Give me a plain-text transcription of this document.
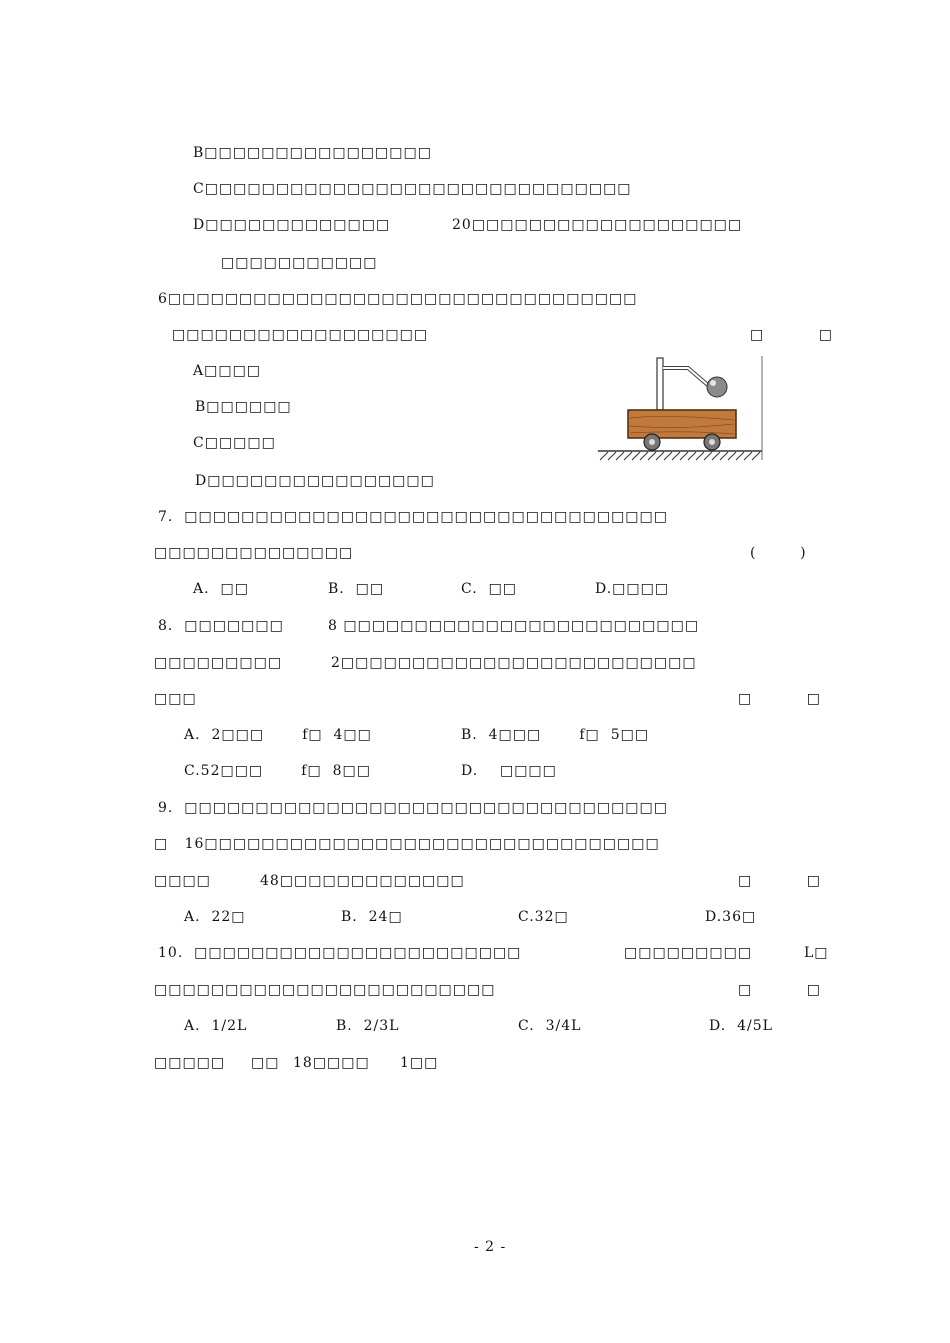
B□□□□□□□□□□□□□□□□
C□□□□□□□□□□□□□□□□□□□□□□□□□□□□□□
D□□□□□□□□□□□□□	20□□□□□□□□□□□□□□□□□□□
□□□□□□□□□□□
6□□□□□□□□□□□□□□□□□□□□□□□□□□□□□□□□□
□□□□□□□□□□□□□□□□□□	□          □
A□□□□
B□□□□□□
C□□□□□
D□□□□□□□□□□□□□□□□
7.  □□□□□□□□□□□□□□□□□□□□□□□□□□□□□□□□□□
□□□□□□□□□□□□□□	(        )
A.  □□	B.  □□	C.  □□	D.□□□□
8.  □□□□□□□	8 □□□□□□□□□□□□□□□□□□□□□□□□□
□□□□□□□□□	2□□□□□□□□□□□□□□□□□□□□□□□□□
□□□	□          □
A.  2□□□       f□  4□□	B.  4□□□       f□  5□□
C.52□□□       f□  8□□	D.    □□□□
9.  □□□□□□□□□□□□□□□□□□□□□□□□□□□□□□□□□□
□   16□□□□□□□□□□□□□□□□□□□□□□□□□□□□□□□□
□□□□         48□□□□□□□□□□□□□	□          □
A.  22□	B.  24□	C.32□	D.36□
10.  □□□□□□□□□□□□□□□□□□□□□□□	□□□□□□□□□	L□
□□□□□□□□□□□□□□□□□□□□□□□□	□          □
A.  1/2L	B.  2/3L	C.  3/4L	D.  4/5L
□□□□□ □□ 18□□□□ 1□□
- 2 -
